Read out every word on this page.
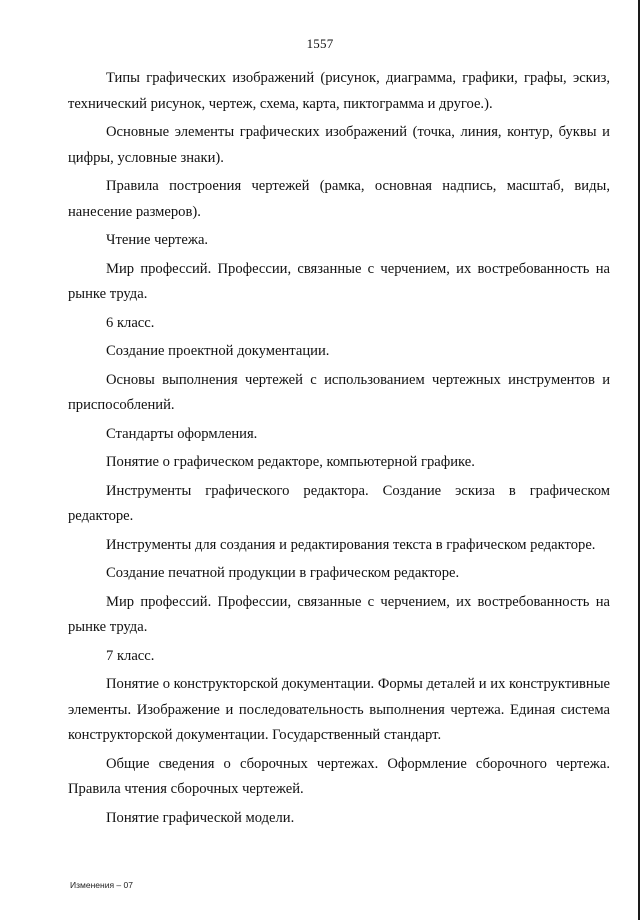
1557

Типы графических изображений (рисунок, диаграмма, графики, графы, эскиз, технический рисунок, чертеж, схема, карта, пиктограмма и другое.).

Основные элементы графических изображений (точка, линия, контур, буквы и цифры, условные знаки).

Правила построения чертежей (рамка, основная надпись, масштаб, виды, нанесение размеров).

Чтение чертежа.

Мир профессий. Профессии, связанные с черчением, их востребованность на рынке труда.

6 класс.

Создание проектной документации.

Основы выполнения чертежей с использованием чертежных инструментов и приспособлений.

Стандарты оформления.

Понятие о графическом редакторе, компьютерной графике.

Инструменты графического редактора. Создание эскиза в графическом редакторе.

Инструменты для создания и редактирования текста в графическом редакторе.

Создание печатной продукции в графическом редакторе.

Мир профессий. Профессии, связанные с черчением, их востребованность на рынке труда.

7 класс.

Понятие о конструкторской документации. Формы деталей и их конструктивные элементы. Изображение и последовательность выполнения чертежа. Единая система конструкторской документации. Государственный стандарт.

Общие сведения о сборочных чертежах. Оформление сборочного чертежа. Правила чтения сборочных чертежей.

Понятие графической модели.

Изменения – 07
